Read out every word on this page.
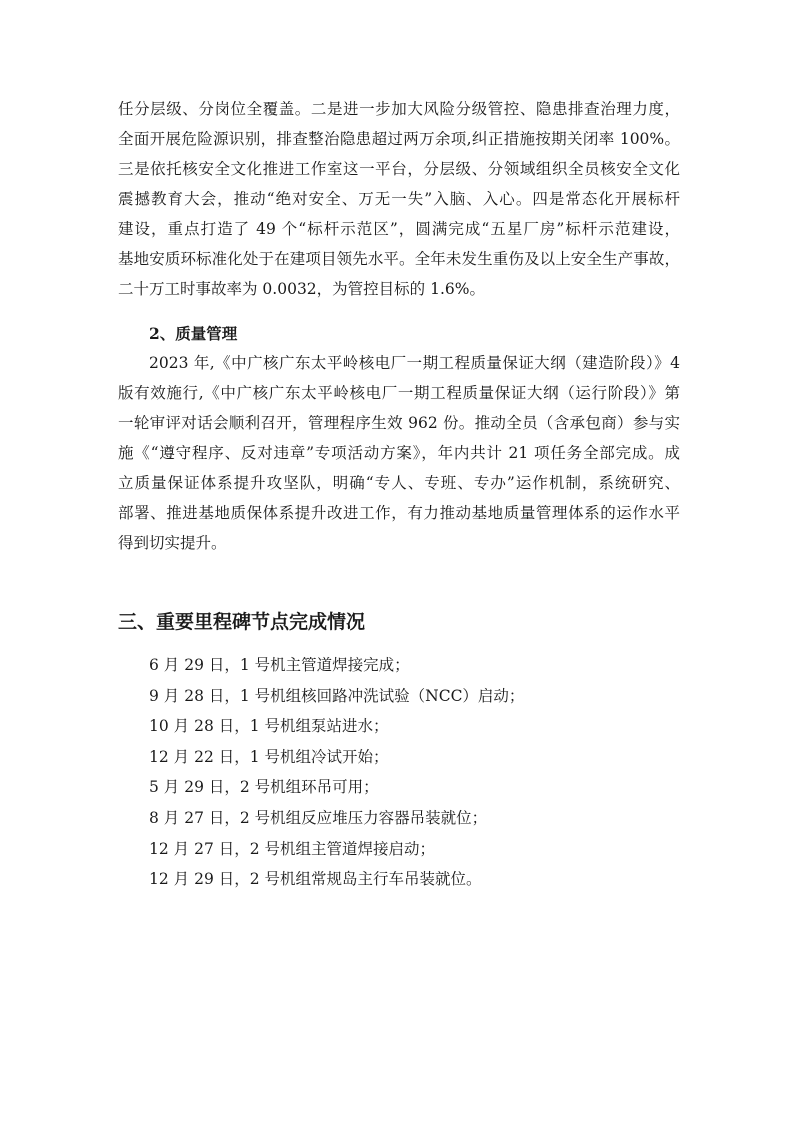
任分层级、分岗位全覆盖。二是进一步加大风险分级管控、隐患排查治理力度，
全面开展危险源识别，排查整治隐患超过两万余项,纠正措施按期关闭率 100%。
三是依托核安全文化推进工作室这一平台，分层级、分领域组织全员核安全文化
震撼教育大会，推动“绝对安全、万无一失”入脑、入心。四是常态化开展标杆
建设，重点打造了 49 个“标杆示范区”，圆满完成“五星厂房”标杆示范建设，
基地安质环标准化处于在建项目领先水平。全年未发生重伤及以上安全生产事故，
二十万工时事故率为 0.0032，为管控目标的 1.6%。
2、质量管理
2023 年,《中广核广东太平岭核电厂一期工程质量保证大纲（建造阶段）》4
版有效施行,《中广核广东太平岭核电厂一期工程质量保证大纲（运行阶段）》第
一轮审评对话会顺利召开，管理程序生效 962 份。推动全员（含承包商）参与实
施《“遵守程序、反对违章”专项活动方案》，年内共计 21 项任务全部完成。成
立质量保证体系提升攻坚队，明确“专人、专班、专办”运作机制，系统研究、
部署、推进基地质保体系提升改进工作，有力推动基地质量管理体系的运作水平
得到切实提升。
三、重要里程碑节点完成情况
6 月 29 日，1 号机主管道焊接完成；
9 月 28 日，1 号机组核回路冲洗试验（NCC）启动；
10 月 28 日，1 号机组泵站进水；
12 月 22 日，1 号机组冷试开始；
5 月 29 日，2 号机组环吊可用；
8 月 27 日，2 号机组反应堆压力容器吊装就位；
12 月 27 日，2 号机组主管道焊接启动；
12 月 29 日，2 号机组常规岛主行车吊装就位。
